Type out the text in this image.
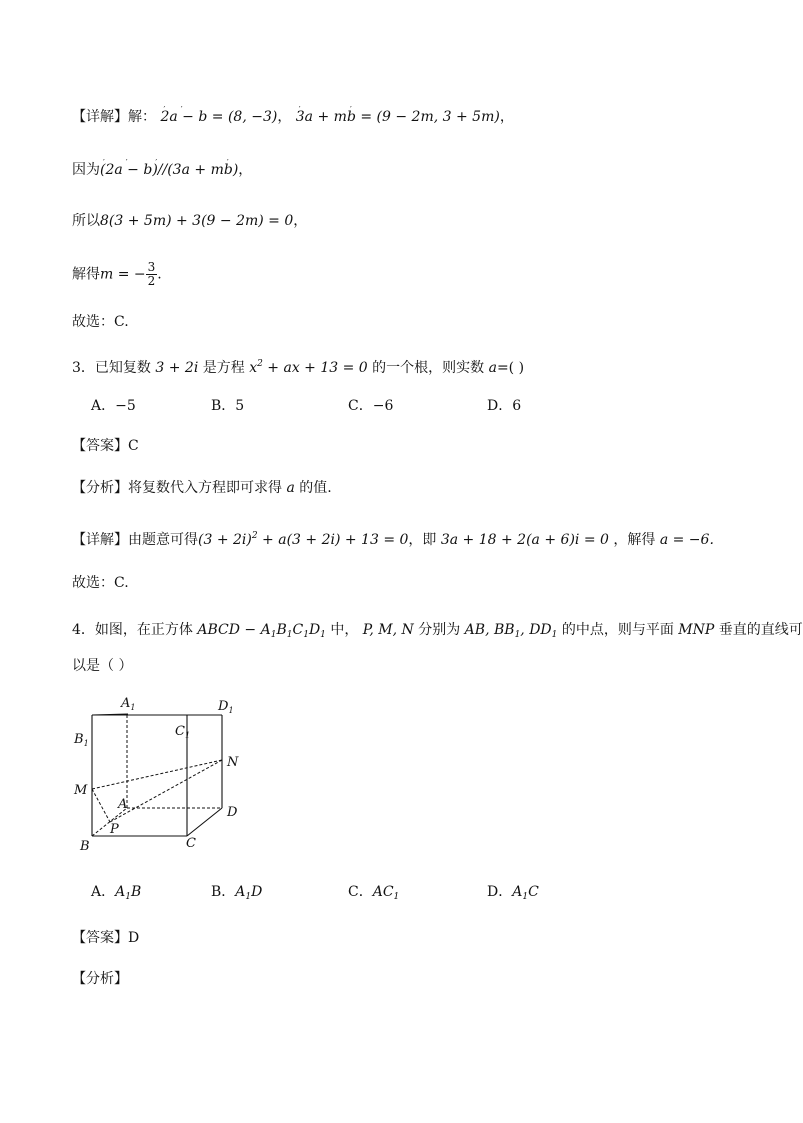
【详解】解： ′ 2a′ − b = (8, −3)， ′ 3a + m′ b = (9 − 2m, 3 + 5m)，
因为′ (2a′ − b′ )//(3a + m′ b)，
所以8(3 + 5m) + 3(9 − 2m) = 0，
解得m = − $\frac{3}{2}$ .
故选：C.
3．已知复数 3 + 2i 是方程 $x^2$ + ax + 13 = 0 的一个根，则实数 a=( )
A．−5	B．5	C．−6	D．6
【答案】C
【分析】将复数代入方程即可求得 a 的值.
【详解】由题意可得$(3 + 2i)^2 + a(3 + 2i) + 13 = 0$，即 3a + 18 + 2(a + 6)i = 0 ，解得 a = −6.
故选：C.
4．如图，在正方体 ABCD − $A_1B_1C_1D_1$ 中， P, M, N 分别为 AB, $BB_1$, $DD_1$ 的中点，则与平面 MNP 垂直的直线可
以是（ ）
$A_1$	$D_1$
$B_1$
$C_1$
A
B	C
D
M
N
P
A．$A_1B$	B．$A_1D$	C．$AC_1$	D．$A_1C$
【答案】D
【分析】
